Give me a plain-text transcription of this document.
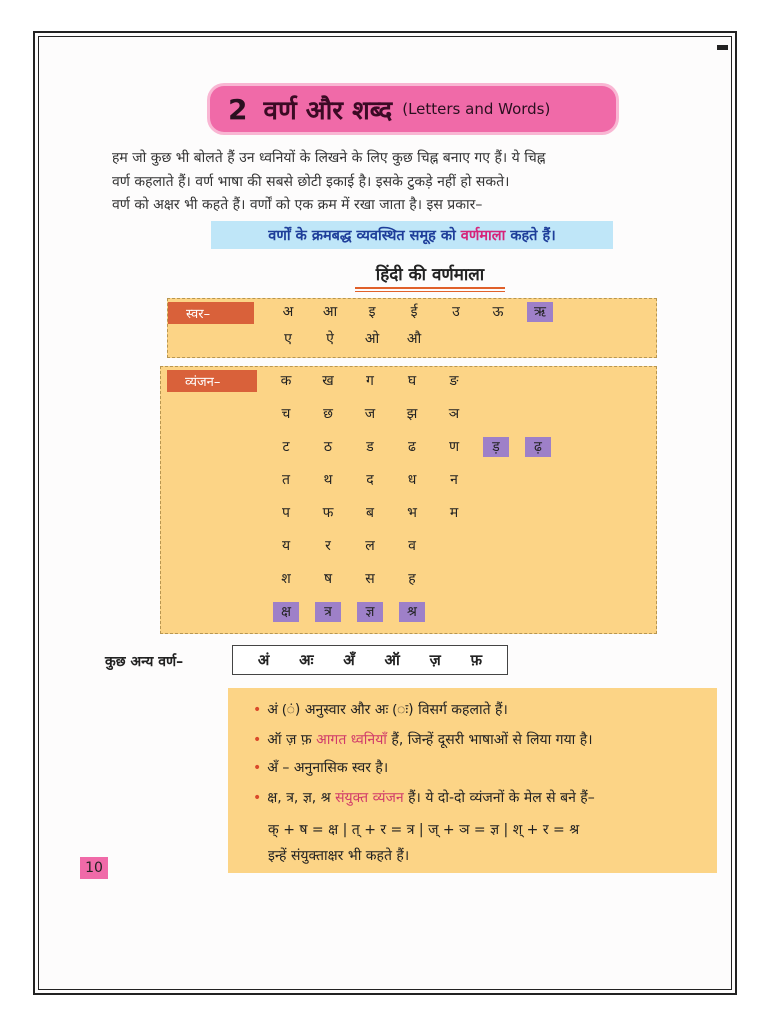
2 वर्ण और शब्द (Letters and Words)
हम जो कुछ भी बोलते हैं उन ध्वनियों के लिखने के लिए कुछ चिह्न बनाए गए हैं। ये चिह्न
वर्ण कहलाते हैं। वर्ण भाषा की सबसे छोटी इकाई है। इसके टुकड़े नहीं हो सकते।
वर्ण को अक्षर भी कहते हैं। वर्णों को एक क्रम में रखा जाता है। इस प्रकार–
वर्णों के क्रमबद्ध व्यवस्थित समूह को वर्णमाला कहते हैं।
हिंदी की वर्णमाला
स्वर–	अ	आ	इ	ई	उ	ऊ	ऋ
ए	ऐ	ओ	औ
व्यंजन–	क	ख	ग	घ	ङ
च	छ	ज	झ	ञ
ट	ठ	ड	ढ	ण	ड़	ढ़
त	थ	द	ध	न
प	फ	ब	भ	म
य	र	ल	व
श	ष	स	ह
क्ष	त्र	ज्ञ	श्र
कुछ अन्य वर्ण–	अं अः अँ ऑ ज़ फ़
• अं (ं) अनुस्वार और अः (ः) विसर्ग कहलाते हैं।
• ऑ ज़ फ़ आगत ध्वनियाँ हैं, जिन्हें दूसरी भाषाओं से लिया गया है।
• अँ – अनुनासिक स्वर है।
• क्ष, त्र, ज्ञ, श्र संयुक्त व्यंजन हैं। ये दो-दो व्यंजनों के मेल से बने हैं–
क् + ष = क्ष | त् + र = त्र | ज् + ञ = ज्ञ | श् + र = श्र
इन्हें संयुक्ताक्षर भी कहते हैं।
10
